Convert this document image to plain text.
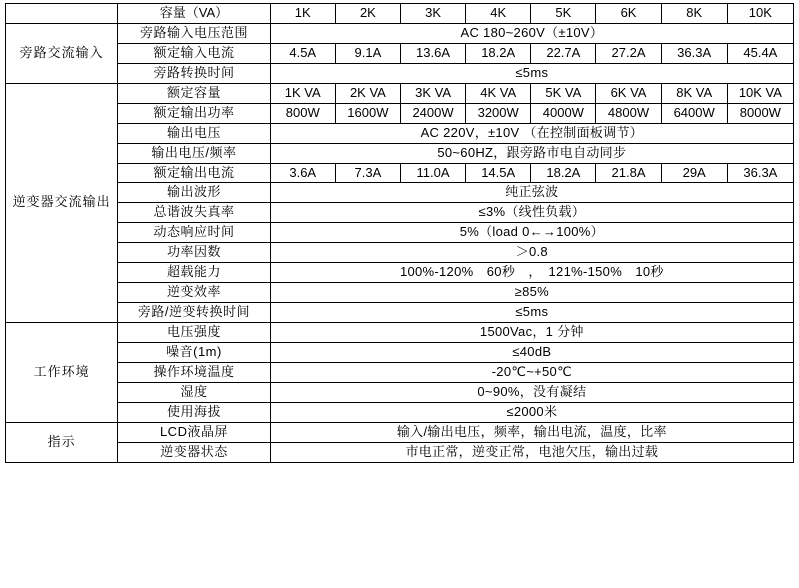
	容量（VA）	1K	2K	3K	4K	5K	6K	8K	10K
旁路交流输入	旁路输入电压范围	AC 180~260V（±10V）							
	额定输入电流	4.5A	9.1A	13.6A	18.2A	22.7A	27.2A	36.3A	45.4A
	旁路转换时间	≤5ms							
逆变器交流输出	额定容量	1K VA	2K VA	3K VA	4K VA	5K VA	6K VA	8K VA	10K VA
	额定输出功率	800W	1600W	2400W	3200W	4000W	4800W	6400W	8000W
	输出电压	AC 220V，±10V （在控制面板调节）							
	输出电压/频率	50~60HZ，跟旁路市电自动同步							
	额定输出电流	3.6A	7.3A	11.0A	14.5A	18.2A	21.8A	29A	36.3A
	输出波形	纯正弦波							
	总谐波失真率	≤3%（线性负载）							
	动态响应时间	5%（load 0←→100%）							
	功率因数	＞0.8							
	超载能力	100%-120%　60秒　，　121%-150%　10秒							
	逆变效率	≥85%							
	旁路/逆变转换时间	≤5ms							
工作环境	电压强度	1500Vac，1 分钟							
	噪音(1m)	≤40dB							
	操作环境温度	-20℃~+50℃							
	湿度	0~90%，没有凝结							
	使用海拔	≤2000米							
指示	LCD液晶屏	输入/输出电压，频率，输出电流，温度，比率							
	逆变器状态	市电正常，逆变正常，电池欠压，输出过载							
